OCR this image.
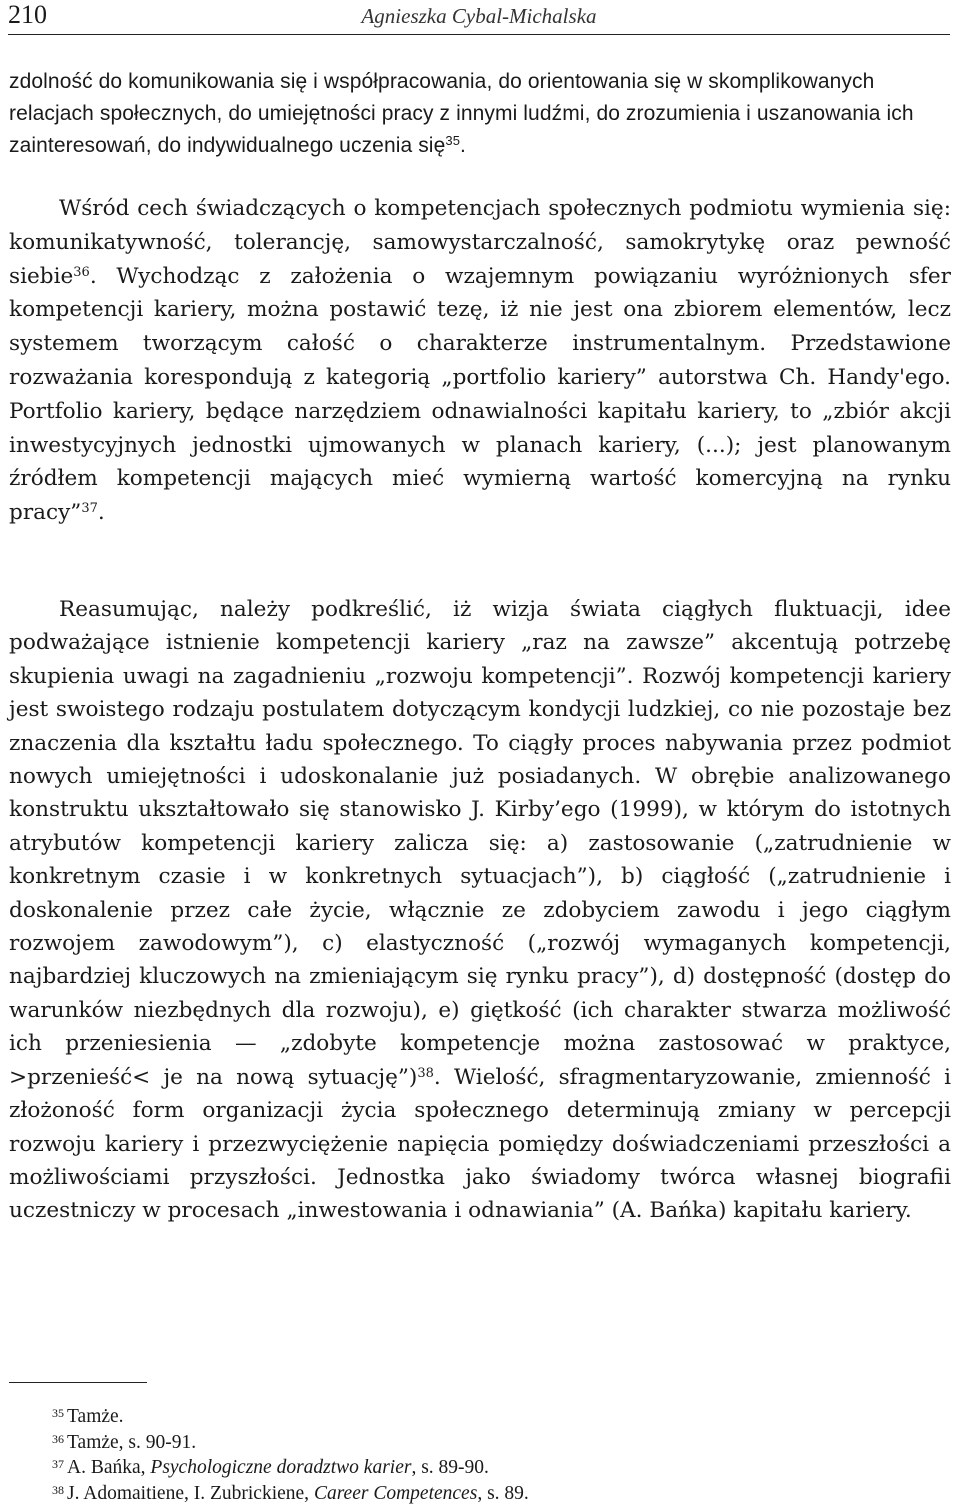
210	Agnieszka Cybal-Michalska

zdolność do komunikowania się i współpracowania, do orientowania się w skomplikowanych relacjach społecznych, do umiejętności pracy z innymi ludźmi, do zrozumienia i uszanowania ich zainteresowań, do indywidualnego uczenia się$^{35}$.

Wśród cech świadczących o kompetencjach społecznych podmiotu wymienia się: komunikatywność, tolerancję, samowystarczalność, samokrytykę oraz pewność siebie$^{36}$. Wychodząc z założenia o wzajemnym powiązaniu wyróżnionych sfer kompetencji kariery, można postawić tezę, iż nie jest ona zbiorem elementów, lecz systemem tworzącym całość o charakterze instrumentalnym. Przedstawione rozważania korespondują z kategorią „portfolio kariery” autorstwa Ch. Handy'ego. Portfolio kariery, będące narzędziem odnawialności kapitału kariery, to „zbiór akcji inwestycyjnych jednostki ujmowanych w planach kariery, (...); jest planowanym źródłem kompetencji mających mieć wymierną wartość komercyjną na rynku pracy”$^{37}$.

Reasumując, należy podkreślić, iż wizja świata ciągłych fluktuacji, idee podważające istnienie kompetencji kariery „raz na zawsze” akcentują potrzebę skupienia uwagi na zagadnieniu „rozwoju kompetencji”. Rozwój kompetencji kariery jest swoistego rodzaju postulatem dotyczącym kondycji ludzkiej, co nie pozostaje bez znaczenia dla kształtu ładu społecznego. To ciągły proces nabywania przez podmiot nowych umiejętności i udoskonalanie już posiadanych. W obrębie analizowanego konstruktu ukształtowało się stanowisko J. Kirby’ego (1999), w którym do istotnych atrybutów kompetencji kariery zalicza się: a) zastosowanie („zatrudnienie w konkretnym czasie i w konkretnych sytuacjach”), b) ciągłość („zatrudnienie i doskonalenie przez całe życie, włącznie ze zdobyciem zawodu i jego ciągłym rozwojem zawodowym”), c) elastyczność („rozwój wymaganych kompetencji, najbardziej kluczowych na zmieniającym się rynku pracy”), d) dostępność (dostęp do warunków niezbędnych dla rozwoju), e) giętkość (ich charakter stwarza możliwość ich przeniesienia — „zdobyte kompetencje można zastosować w praktyce, >przenieść< je na nową sytuację”)$^{38}$. Wielość, sfragmentaryzowanie, zmienność i złożoność form organizacji życia społecznego determinują zmiany w percepcji rozwoju kariery i przezwyciężenie napięcia pomiędzy doświadczeniami przeszłości a możliwościami przyszłości. Jednostka jako świadomy twórca własnej biografii uczestniczy w procesach „inwestowania i odnawiania” (A. Bańka) kapitału kariery.

$^{35}$ Tamże.
$^{36}$ Tamże, s. 90-91.
$^{37}$ A. Bańka, Psychologiczne doradztwo karier, s. 89-90.
$^{38}$ J. Adomaitiene, I. Zubrickiene, Career Competences, s. 89.
